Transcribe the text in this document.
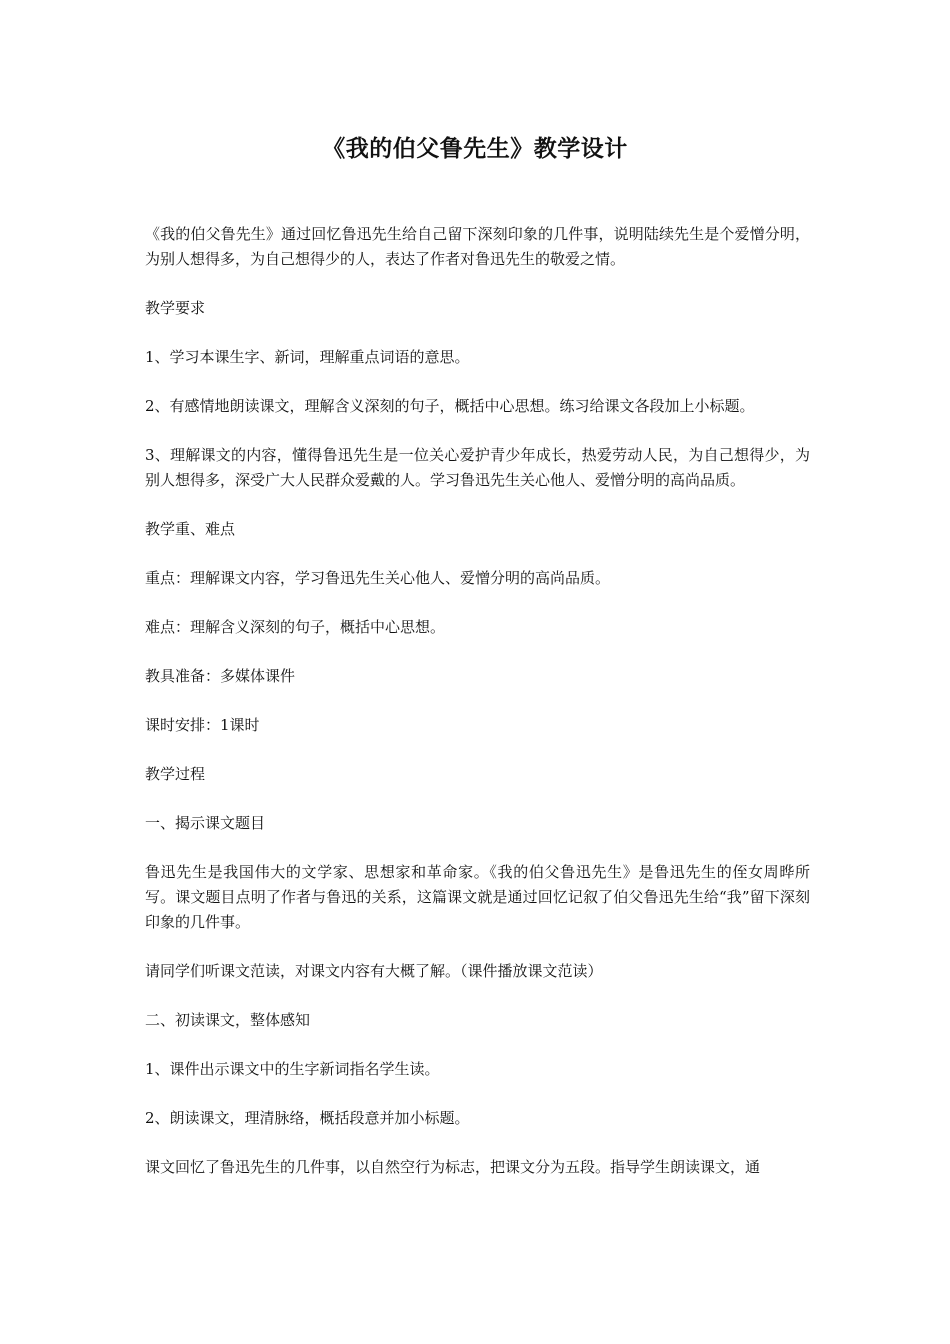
《我的伯父鲁先生》教学设计

《我的伯父鲁先生》通过回忆鲁迅先生给自己留下深刻印象的几件事，说明陆续先生是个爱憎分明，为别人想得多，为自己想得少的人，表达了作者对鲁迅先生的敬爱之情。

教学要求

1、学习本课生字、新词，理解重点词语的意思。

2、有感情地朗读课文，理解含义深刻的句子，概括中心思想。练习给课文各段加上小标题。

3、理解课文的内容，懂得鲁迅先生是一位关心爱护青少年成长，热爱劳动人民，为自己想得少，为别人想得多，深受广大人民群众爱戴的人。学习鲁迅先生关心他人、爱憎分明的高尚品质。

教学重、难点

重点：理解课文内容，学习鲁迅先生关心他人、爱憎分明的高尚品质。

难点：理解含义深刻的句子，概括中心思想。

教具准备：多媒体课件

课时安排：1课时

教学过程

一、揭示课文题目

鲁迅先生是我国伟大的文学家、思想家和革命家。《我的伯父鲁迅先生》是鲁迅先生的侄女周晔所写。课文题目点明了作者与鲁迅的关系，这篇课文就是通过回忆记叙了伯父鲁迅先生给“我”留下深刻印象的几件事。

请同学们听课文范读，对课文内容有大概了解。（课件播放课文范读）

二、初读课文，整体感知

1、课件出示课文中的生字新词指名学生读。

2、朗读课文，理清脉络，概括段意并加小标题。

课文回忆了鲁迅先生的几件事，以自然空行为标志，把课文分为五段。指导学生朗读课文，通
